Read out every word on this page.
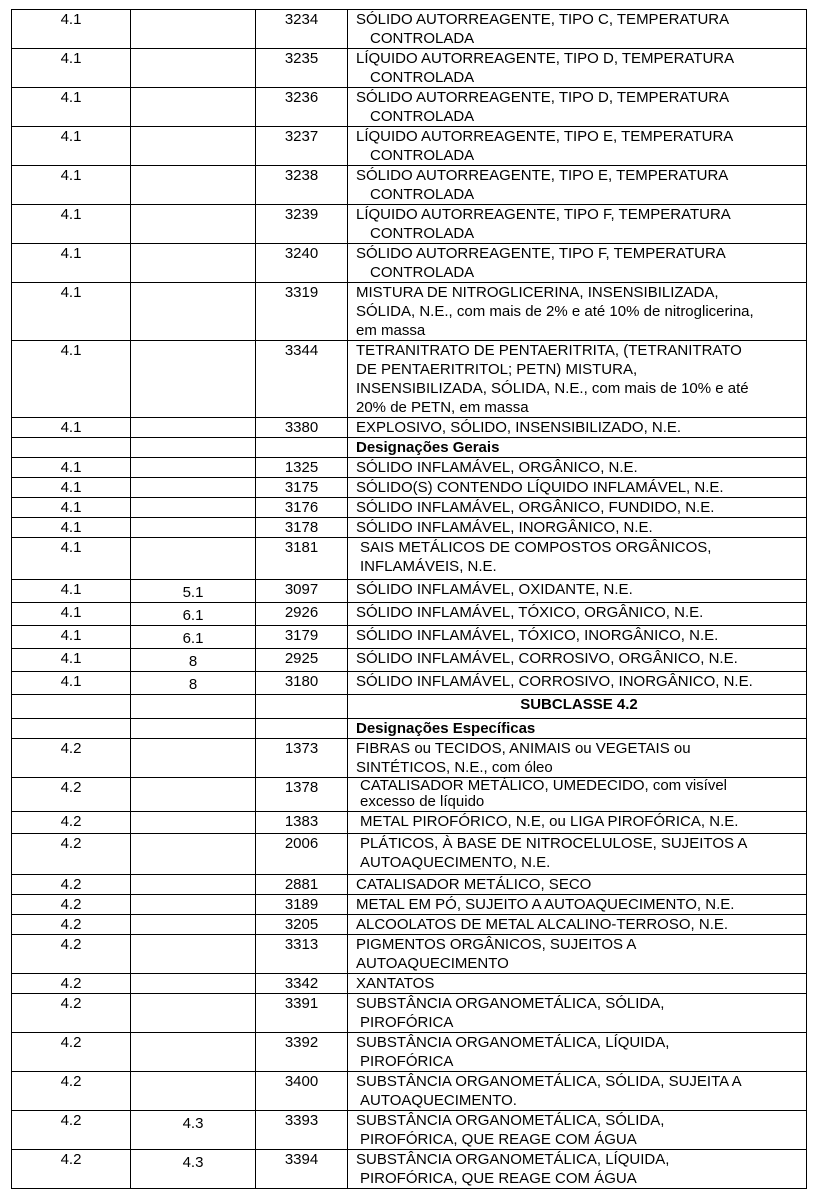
4.1		3234	SÓLIDO AUTORREAGENTE, TIPO C, TEMPERATURA
CONTROLADA

4.1		3235	LÍQUIDO AUTORREAGENTE, TIPO D, TEMPERATURA
CONTROLADA

4.1		3236	SÓLIDO AUTORREAGENTE, TIPO D, TEMPERATURA
CONTROLADA

4.1		3237	LÍQUIDO AUTORREAGENTE, TIPO E, TEMPERATURA
CONTROLADA

4.1		3238	SÓLIDO AUTORREAGENTE, TIPO E, TEMPERATURA
CONTROLADA

4.1		3239	LÍQUIDO AUTORREAGENTE, TIPO F, TEMPERATURA
CONTROLADA

4.1		3240	SÓLIDO AUTORREAGENTE, TIPO F, TEMPERATURA
CONTROLADA

4.1		3319	MISTURA DE NITROGLICERINA, INSENSIBILIZADA,
SÓLIDA, N.E., com mais de 2% e até 10% de nitroglicerina,
em massa

4.1		3344	TETRANITRATO DE PENTAERITRITA, (TETRANITRATO
DE PENTAERITRITOL; PETN) MISTURA,
INSENSIBILIZADA, SÓLIDA, N.E., com mais de 10% e até
20% de PETN, em massa

4.1		3380	EXPLOSIVO, SÓLIDO, INSENSIBILIZADO, N.E.

			Designações Gerais
4.1		1325	SÓLIDO INFLAMÁVEL, ORGÂNICO, N.E.

4.1		3175	SÓLIDO(S) CONTENDO LÍQUIDO INFLAMÁVEL, N.E.

4.1		3176	SÓLIDO INFLAMÁVEL, ORGÂNICO, FUNDIDO, N.E.

4.1		3178	SÓLIDO INFLAMÁVEL, INORGÂNICO, N.E.

4.1		3181	SAIS METÁLICOS DE COMPOSTOS ORGÂNICOS,
INFLAMÁVEIS, N.E.

4.1	5.1	3097	SÓLIDO INFLAMÁVEL, OXIDANTE, N.E.

4.1	6.1	2926	SÓLIDO INFLAMÁVEL, TÓXICO, ORGÂNICO, N.E.

4.1	6.1	3179	SÓLIDO INFLAMÁVEL, TÓXICO, INORGÂNICO, N.E.

4.1	8	2925	SÓLIDO INFLAMÁVEL, CORROSIVO, ORGÂNICO, N.E.

4.1	8	3180	SÓLIDO INFLAMÁVEL, CORROSIVO, INORGÂNICO, N.E.

			SUBCLASSE 4.2
			Designações Específicas
4.2		1373	FIBRAS ou TECIDOS, ANIMAIS ou VEGETAIS ou
SINTÉTICOS, N.E., com óleo

4.2		1378	CATALISADOR METÁLICO, UMEDECIDO, com visível
excesso de líquido

4.2		1383	METAL PIROFÓRICO, N.E, ou LIGA PIROFÓRICA, N.E.

4.2		2006	PLÁTICOS, À BASE DE NITROCELULOSE, SUJEITOS A
AUTOAQUECIMENTO, N.E.

4.2		2881	CATALISADOR METÁLICO, SECO

4.2		3189	METAL EM PÓ, SUJEITO A AUTOAQUECIMENTO, N.E.

4.2		3205	ALCOOLATOS DE METAL ALCALINO-TERROSO, N.E.

4.2		3313	PIGMENTOS ORGÂNICOS, SUJEITOS A
AUTOAQUECIMENTO

4.2		3342	XANTATOS

4.2		3391	SUBSTÂNCIA ORGANOMETÁLICA, SÓLIDA,
PIROFÓRICA

4.2		3392	SUBSTÂNCIA ORGANOMETÁLICA, LÍQUIDA,
PIROFÓRICA

4.2		3400	SUBSTÂNCIA ORGANOMETÁLICA, SÓLIDA, SUJEITA A
AUTOAQUECIMENTO.

4.2	4.3	3393	SUBSTÂNCIA ORGANOMETÁLICA, SÓLIDA,
PIROFÓRICA, QUE REAGE COM ÁGUA

4.2	4.3	3394	SUBSTÂNCIA ORGANOMETÁLICA, LÍQUIDA,
PIROFÓRICA, QUE REAGE COM ÁGUA
